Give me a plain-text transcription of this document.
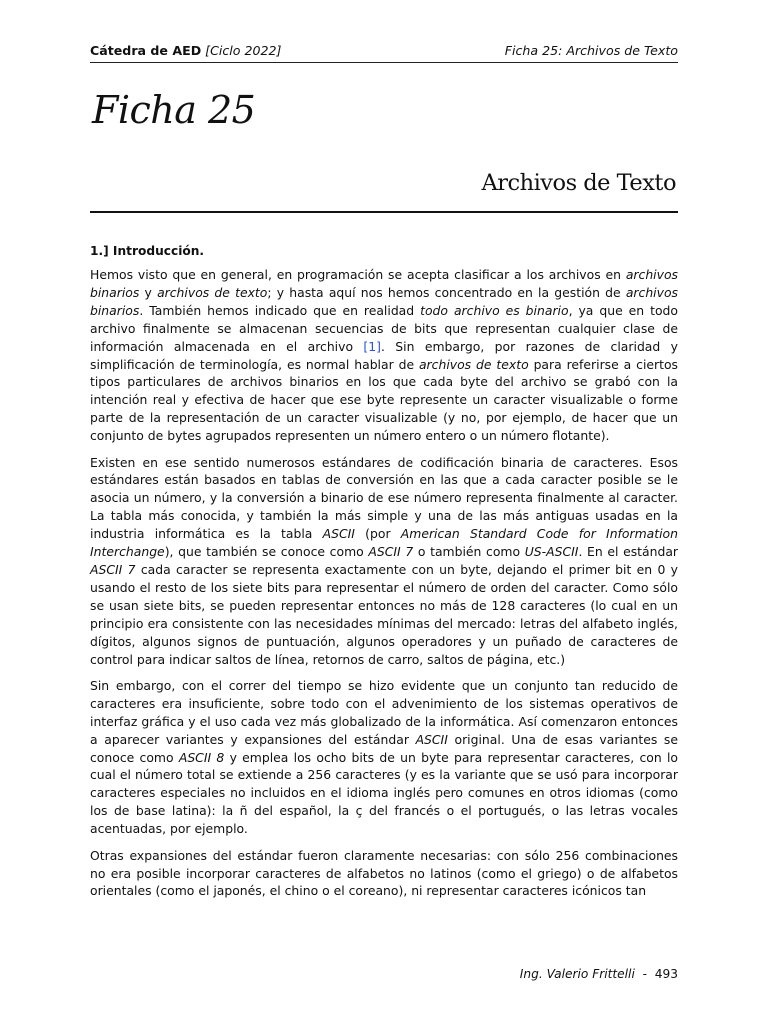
Cátedra de AED [Ciclo 2022]	Ficha 25: Archivos de Texto
Ficha 25
Archivos de Texto
1.] Introducción.

Hemos visto que en general, en programación se acepta clasificar a los archivos en archivos binarios y archivos de texto; y hasta aquí nos hemos concentrado en la gestión de archivos binarios. También hemos indicado que en realidad todo archivo es binario, ya que en todo archivo finalmente se almacenan secuencias de bits que representan cualquier clase de información almacenada en el archivo [1]. Sin embargo, por razones de claridad y simplificación de terminología, es normal hablar de archivos de texto para referirse a ciertos tipos particulares de archivos binarios en los que cada byte del archivo se grabó con la intención real y efectiva de hacer que ese byte represente un caracter visualizable o forme parte de la representación de un caracter visualizable (y no, por ejemplo, de hacer que un conjunto de bytes agrupados representen un número entero o un número flotante).

Existen en ese sentido numerosos estándares de codificación binaria de caracteres. Esos estándares están basados en tablas de conversión en las que a cada caracter posible se le asocia un número, y la conversión a binario de ese número representa finalmente al caracter. La tabla más conocida, y también la más simple y una de las más antiguas usadas en la industria informática es la tabla ASCII (por American Standard Code for Information Interchange), que también se conoce como ASCII 7 o también como US-ASCII. En el estándar ASCII 7 cada caracter se representa exactamente con un byte, dejando el primer bit en 0 y usando el resto de los siete bits para representar el número de orden del caracter. Como sólo se usan siete bits, se pueden representar entonces no más de 128 caracteres (lo cual en un principio era consistente con las necesidades mínimas del mercado: letras del alfabeto inglés, dígitos, algunos signos de puntuación, algunos operadores y un puñado de caracteres de control para indicar saltos de línea, retornos de carro, saltos de página, etc.)

Sin embargo, con el correr del tiempo se hizo evidente que un conjunto tan reducido de caracteres era insuficiente, sobre todo con el advenimiento de los sistemas operativos de interfaz gráfica y el uso cada vez más globalizado de la informática. Así comenzaron entonces a aparecer variantes y expansiones del estándar ASCII original. Una de esas variantes se conoce como ASCII 8 y emplea los ocho bits de un byte para representar caracteres, con lo cual el número total se extiende a 256 caracteres (y es la variante que se usó para incorporar caracteres especiales no incluidos en el idioma inglés pero comunes en otros idiomas (como los de base latina): la ñ del español, la ç del francés o el portugués, o las letras vocales acentuadas, por ejemplo.

Otras expansiones del estándar fueron claramente necesarias: con sólo 256 combinaciones no era posible incorporar caracteres de alfabetos no latinos (como el griego) o de alfabetos orientales (como el japonés, el chino o el coreano), ni representar caracteres icónicos tan

Ing. Valerio Frittelli  -  493
